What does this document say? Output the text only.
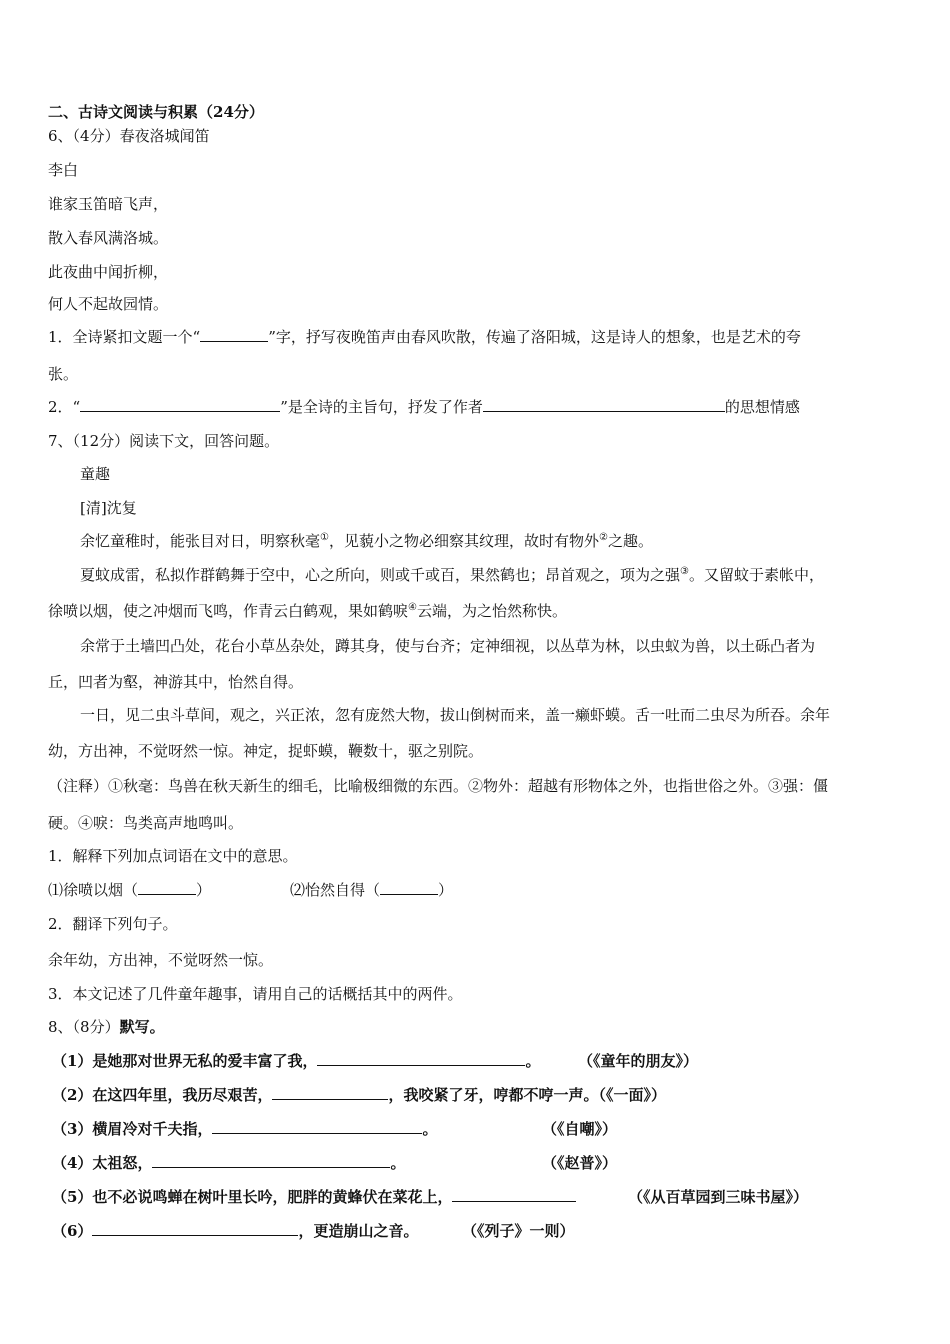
二、古诗文阅读与积累（24分）
6、（4分）春夜洛城闻笛
李白
谁家玉笛暗飞声，
散入春风满洛城。
此夜曲中闻折柳，
何人不起故园情。
1．全诗紧扣文题一个“	”字，抒写夜晚笛声由春风吹散，传遍了洛阳城，这是诗人的想象，也是艺术的夸
张。
2．“	”是全诗的主旨句，抒发了作者	的思想情感
7、（12分）阅读下文，回答问题。
童趣
[清]沈复
余忆童稚时，能张目对日，明察秋毫①，见藐小之物必细察其纹理，故时有物外②之趣。
夏蚊成雷，私拟作群鹤舞于空中，心之所向，则或千或百，果然鹤也；昂首观之，项为之强③。又留蚊于素帐中，
徐喷以烟，使之冲烟而飞鸣，作青云白鹤观，果如鹤唳④云端，为之怡然称快。
余常于土墙凹凸处，花台小草丛杂处，蹲其身，使与台齐；定神细视，以丛草为林，以虫蚁为兽，以土砾凸者为
丘，凹者为壑，神游其中，怡然自得。
一日，见二虫斗草间，观之，兴正浓，忽有庞然大物，拔山倒树而来，盖一癞虾蟆。舌一吐而二虫尽为所吞。余年
幼，方出神，不觉呀然一惊。神定，捉虾蟆，鞭数十，驱之别院。
（注释）①秋毫：鸟兽在秋天新生的细毛，比喻极细微的东西。②物外：超越有形物体之外，也指世俗之外。③强：僵
硬。④唳：鸟类高声地鸣叫。
1．解释下列加点词语在文中的意思。
⑴徐喷以烟（	）	⑵怡然自得（	）
2．翻译下列句子。
余年幼，方出神，不觉呀然一惊。
3．本文记述了几件童年趣事，请用自己的话概括其中的两件。
8、（8分）默写。
（1）是她那对世界无私的爱丰富了我，	。	（《童年的朋友》）
（2）在这四年里，我历尽艰苦，	，我咬紧了牙，哼都不哼一声。（《一面》）
（3）横眉冷对千夫指，	。	（《自嘲》）
（4）太祖怒，	。	（《赵普》）
（5）也不必说鸣蝉在树叶里长吟，肥胖的黄蜂伏在菜花上，	（《从百草园到三味书屋》）
（6）	，更造崩山之音。	（《列子》一则）
